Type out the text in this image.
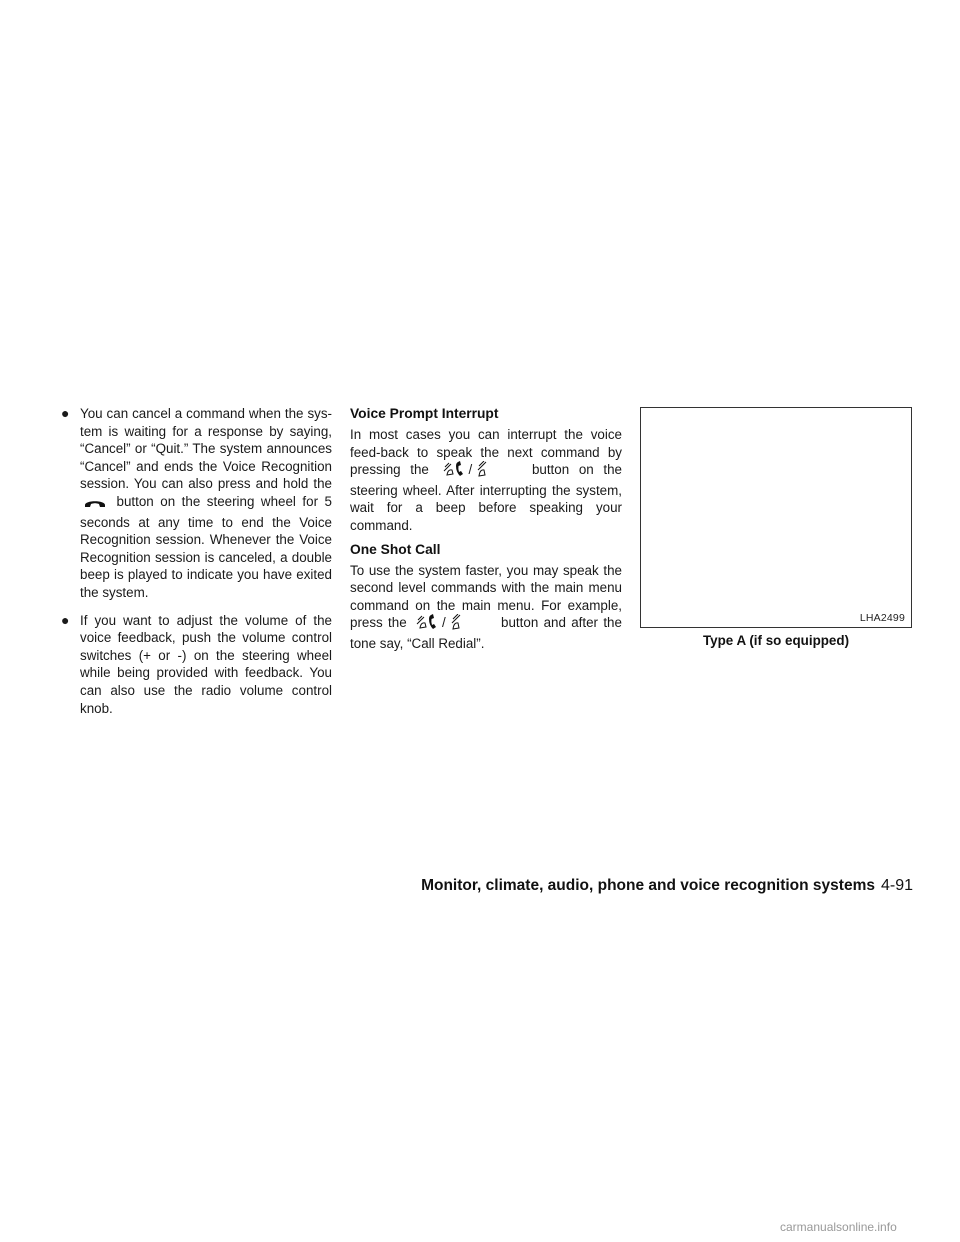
● You can cancel a command when the sys-tem is waiting for a response by saying, “Cancel” or “Quit.” The system announces “Cancel” and ends the Voice Recognition session. You can also press and hold the  button on the steering wheel for 5 seconds at any time to end the Voice Recognition session. Whenever the Voice Recognition session is canceled, a double beep is played to indicate you have exited the system.
● If you want to adjust the volume of the voice feedback, push the volume control switches (+ or -) on the steering wheel while being provided with feedback. You can also use the radio volume control knob.
Voice Prompt Interrupt
In most cases you can interrupt the voice feed-back to speak the next command by pressing the	/	button on the steering wheel. After interrupting the system, wait for a beep before speaking your command.
One Shot Call
To use the system faster, you may speak the second level commands with the main menu command on the main menu. For example, press the	/	button and after the tone say, “Call Redial”.
LHA2499
Type A (if so equipped)
Monitor, climate, audio, phone and voice recognition systems 4-91
carmanualsonline.info
